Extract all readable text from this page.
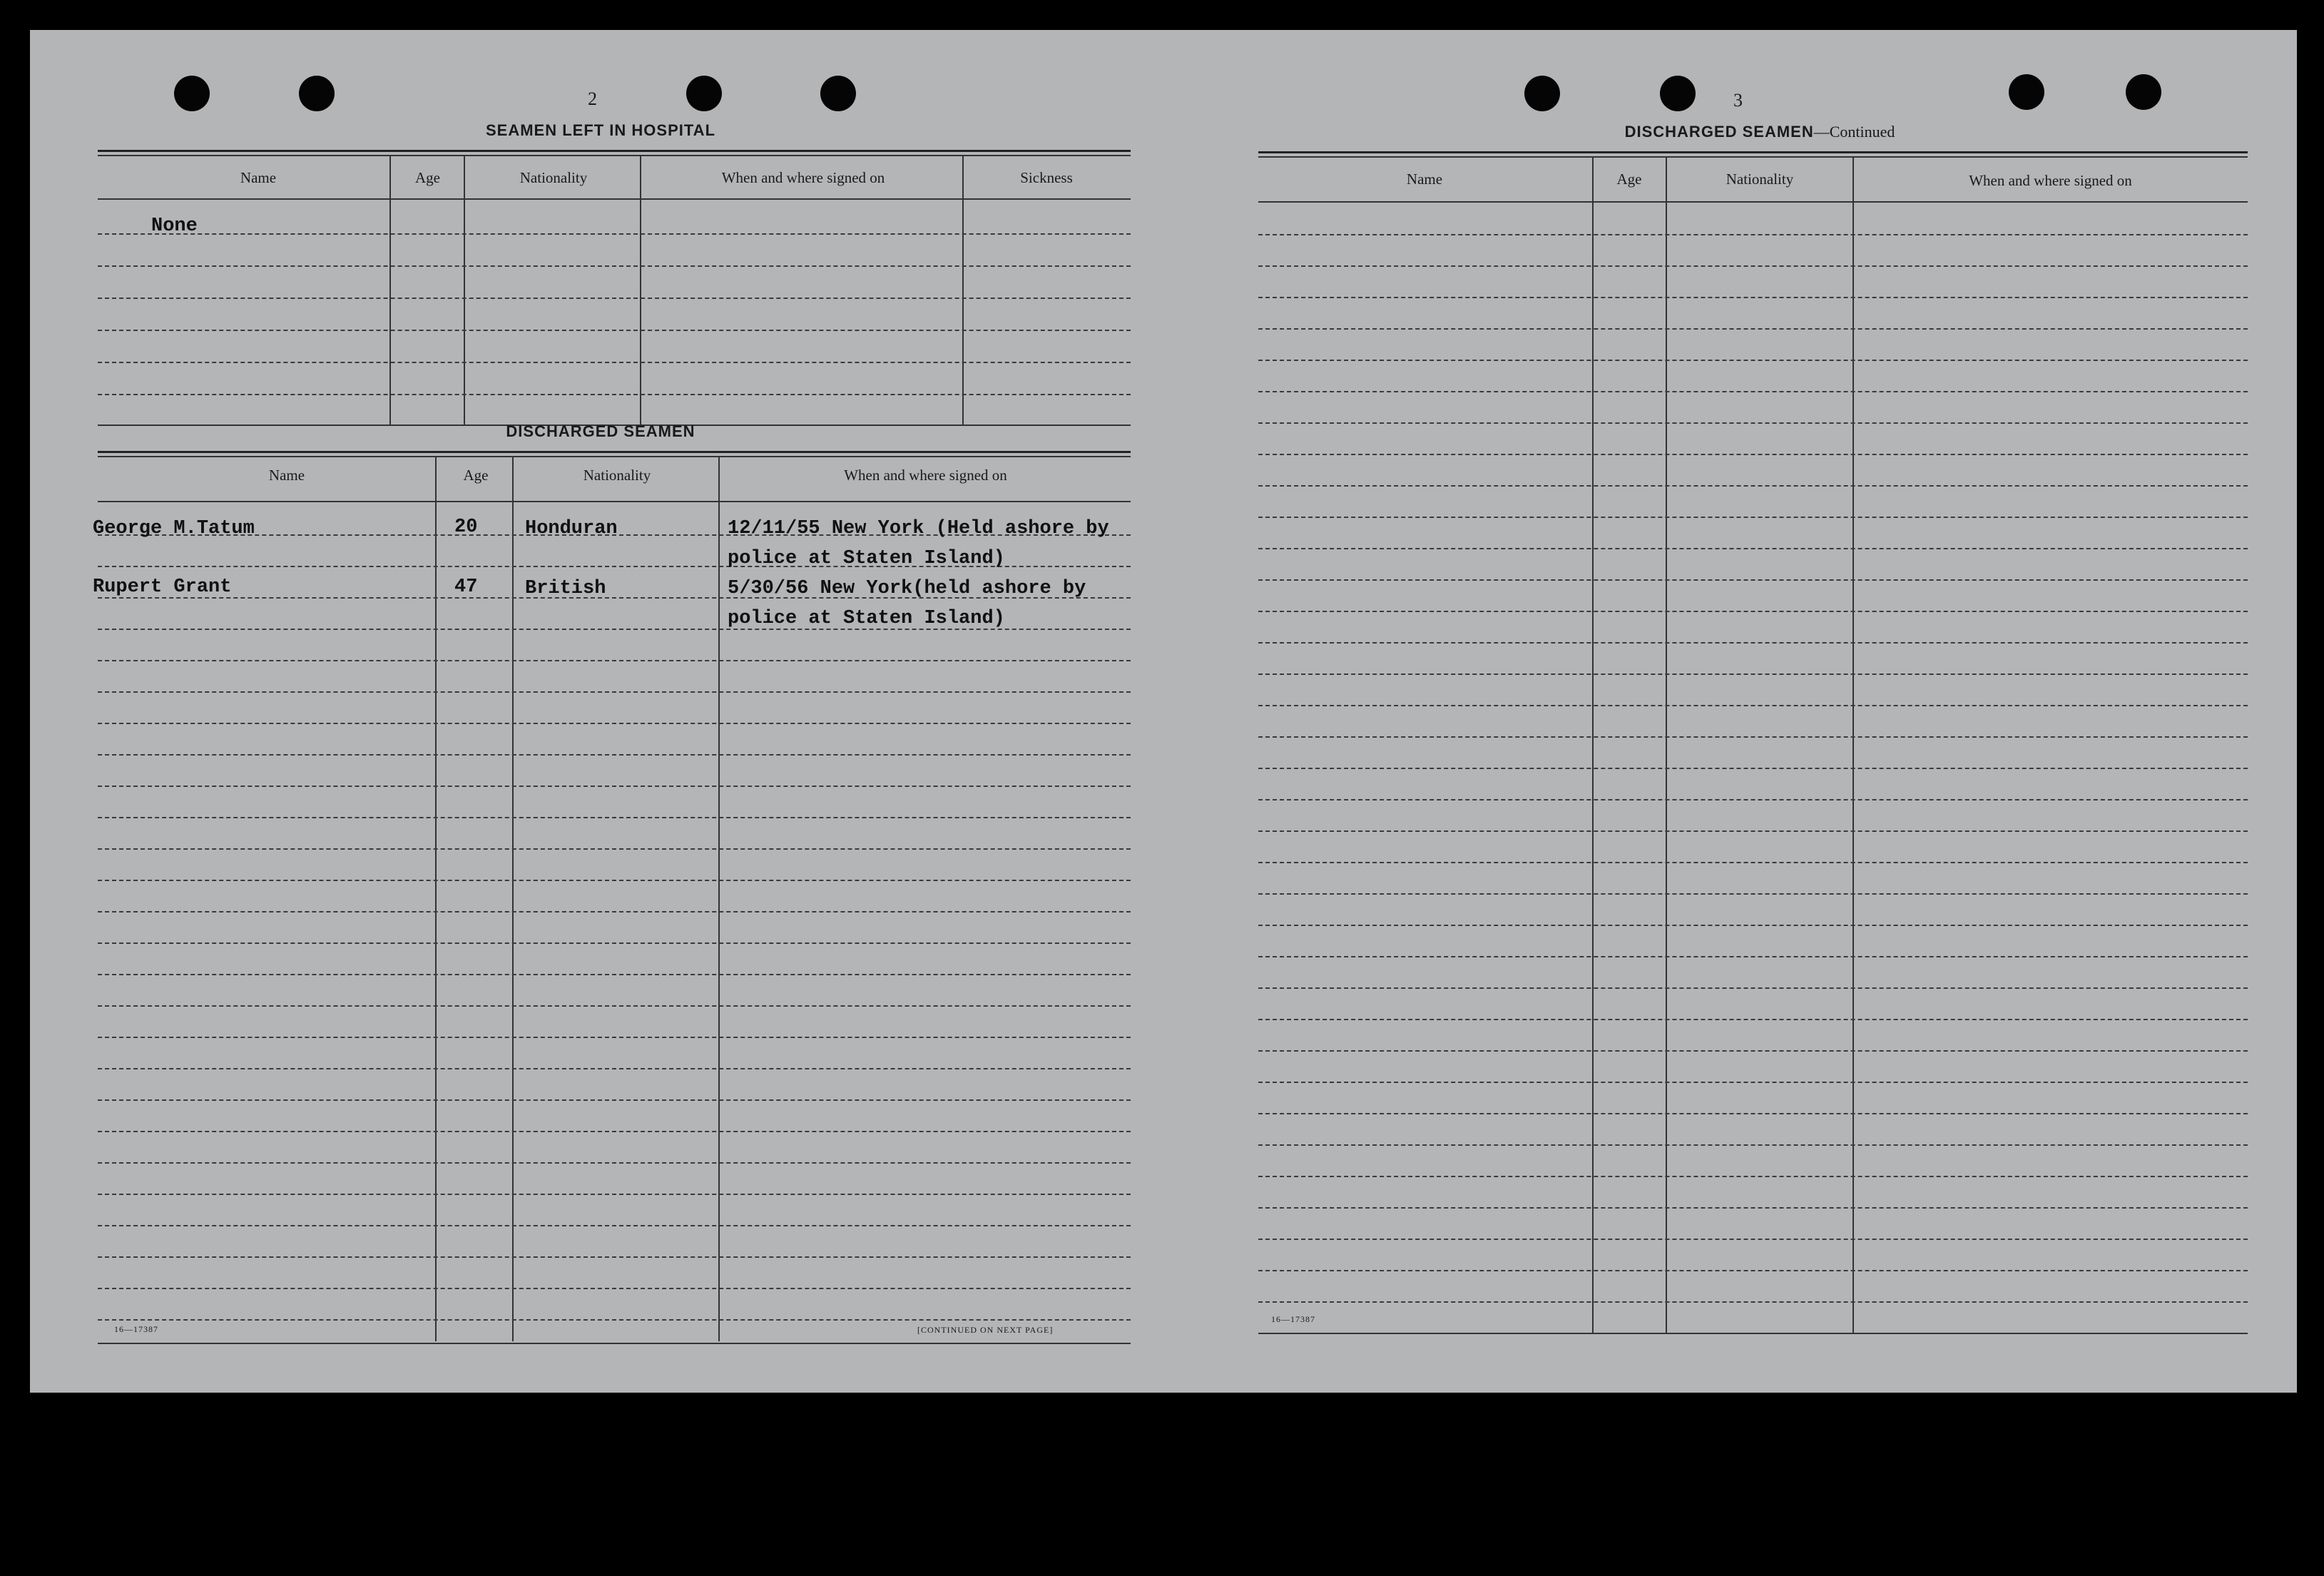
2
SEAMEN LEFT IN HOSPITAL
Name	Age	Nationality	When and where signed on	Sickness
None
DISCHARGED SEAMEN
Name	Age	Nationality	When and where signed on
George M.Tatum	20 Honduran	12/11/55 New York (Held ashore by
police at Staten Island)
Rupert Grant	47 British	5/30/56 New York(held ashore by
police at Staten Island)
16—17387	[CONTINUED ON NEXT PAGE]
3
DISCHARGED SEAMEN—Continued
Name	Age	Nationality	When and where signed on
16—17387
